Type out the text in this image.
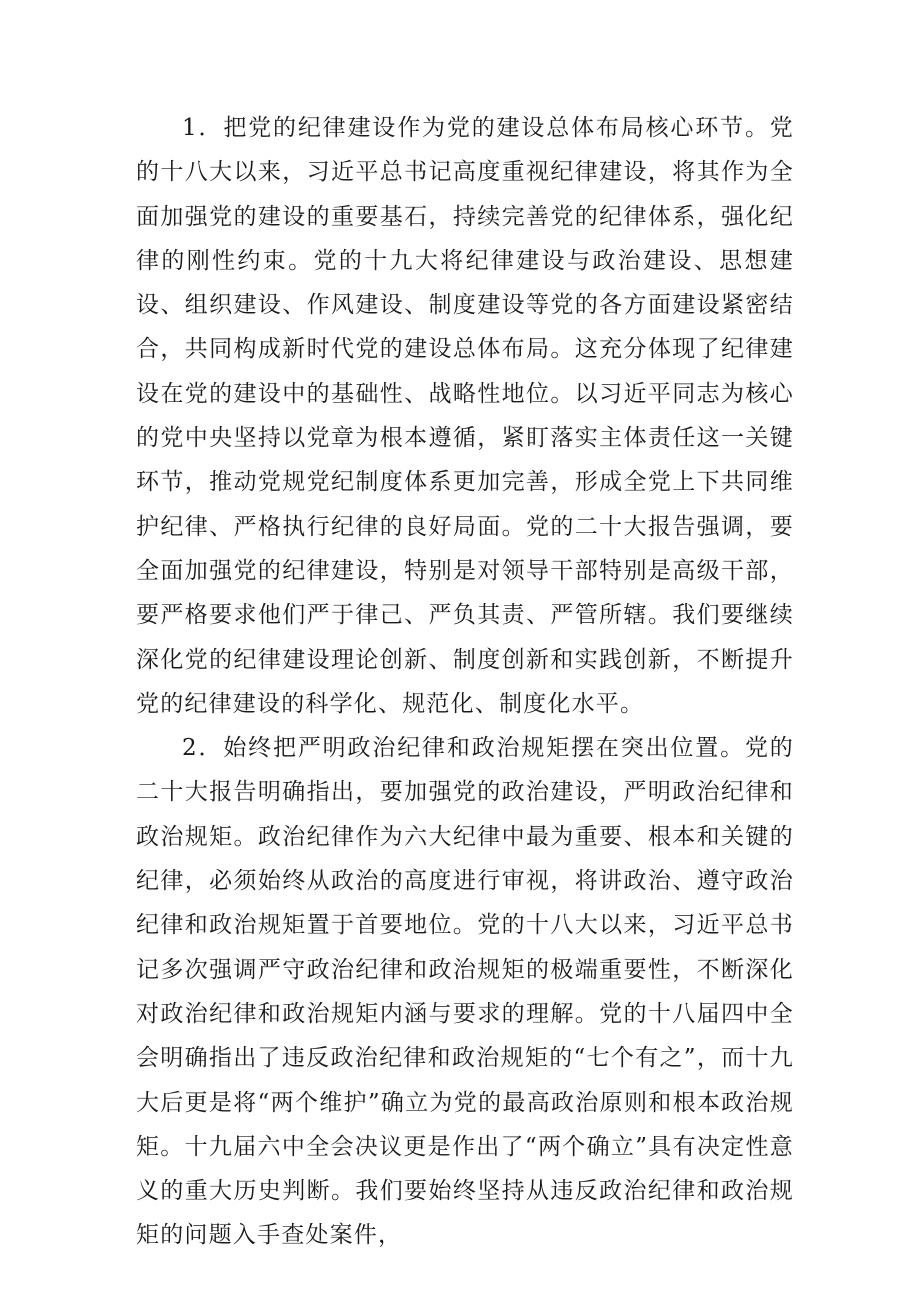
1．把党的纪律建设作为党的建设总体布局核心环节。党的十八大以来，习近平总书记高度重视纪律建设，将其作为全面加强党的建设的重要基石，持续完善党的纪律体系，强化纪律的刚性约束。党的十九大将纪律建设与政治建设、思想建设、组织建设、作风建设、制度建设等党的各方面建设紧密结合，共同构成新时代党的建设总体布局。这充分体现了纪律建设在党的建设中的基础性、战略性地位。以习近平同志为核心的党中央坚持以党章为根本遵循，紧盯落实主体责任这一关键环节，推动党规党纪制度体系更加完善，形成全党上下共同维护纪律、严格执行纪律的良好局面。党的二十大报告强调，要全面加强党的纪律建设，特别是对领导干部特别是高级干部，要严格要求他们严于律己、严负其责、严管所辖。我们要继续深化党的纪律建设理论创新、制度创新和实践创新，不断提升党的纪律建设的科学化、规范化、制度化水平。

2．始终把严明政治纪律和政治规矩摆在突出位置。党的二十大报告明确指出，要加强党的政治建设，严明政治纪律和政治规矩。政治纪律作为六大纪律中最为重要、根本和关键的纪律，必须始终从政治的高度进行审视，将讲政治、遵守政治纪律和政治规矩置于首要地位。党的十八大以来，习近平总书记多次强调严守政治纪律和政治规矩的极端重要性，不断深化对政治纪律和政治规矩内涵与要求的理解。党的十八届四中全会明确指出了违反政治纪律和政治规矩的“七个有之”，而十九大后更是将“两个维护”确立为党的最高政治原则和根本政治规矩。十九届六中全会决议更是作出了“两个确立”具有决定性意义的重大历史判断。我们要始终坚持从违反政治纪律和政治规矩的问题入手查处案件，
